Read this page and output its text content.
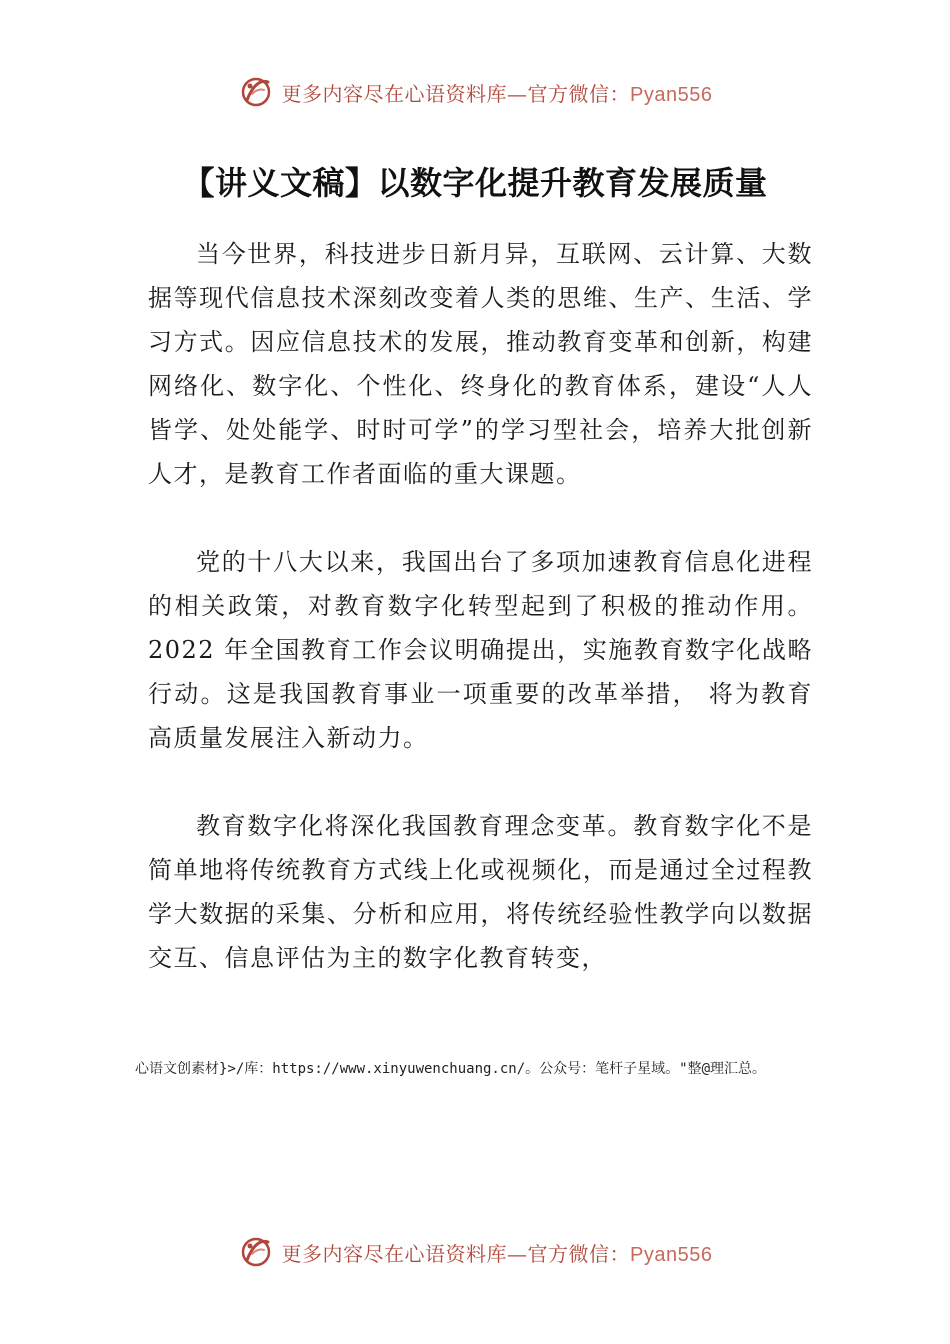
更多内容尽在心语资料库—官方微信：Pyan556
【讲义文稿】以数字化提升教育发展质量

当今世界，科技进步日新月异，互联网、云计算、大数据等现代信息技术深刻改变着人类的思维、生产、生活、学习方式。因应信息技术的发展，推动教育变革和创新，构建网络化、数字化、个性化、终身化的教育体系，建设“人人皆学、处处能学、时时可学”的学习型社会，培养大批创新人才，是教育工作者面临的重大课题。

党的十八大以来，我国出台了多项加速教育信息化进程的相关政策，对教育数字化转型起到了积极的推动作用。2022 年全国教育工作会议明确提出，实施教育数字化战略行动。这是我国教育事业一项重要的改革举措， 将为教育高质量发展注入新动力。

教育数字化将深化我国教育理念变革。教育数字化不是简单地将传统教育方式线上化或视频化，而是通过全过程教学大数据的采集、分析和应用，将传统经验性教学向以数据交互、信息评估为主的数字化教育转变，

心语文创素材}>/库：https://www.xinyuwenchuang.cn/。公众号：笔杆子星域。"整@理汇总。

更多内容尽在心语资料库—官方微信：Pyan556
